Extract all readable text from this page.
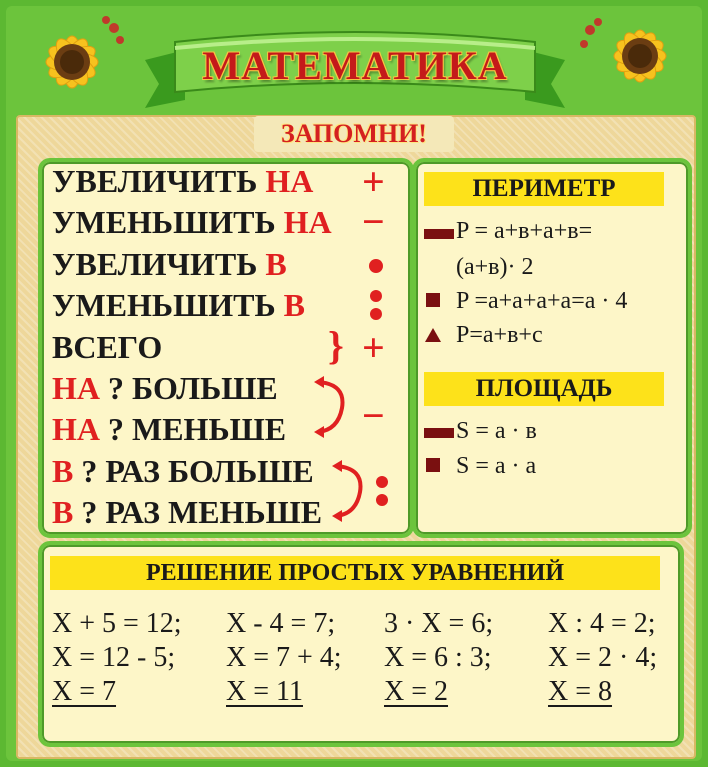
МАТЕМАТИКА
ЗАПОМНИ!
УВЕЛИЧИТЬ НА
УМЕНЬШИТЬ НА
УВЕЛИЧИТЬ В
УМЕНЬШИТЬ В
ВСЕГО
НА ? БОЛЬШЕ
НА ? МЕНЬШЕ
В ? РАЗ БОЛЬШЕ
В ? РАЗ МЕНЬШЕ
+
−
} +
−
ПЕРИМЕТР
P = а+в+а+в=
(а+в)· 2
P =а+а+а+а=а · 4
P=а+в+с
ПЛОЩАДЬ
S = а · в
S = а · а
РЕШЕНИЕ ПРОСТЫХ УРАВНЕНИЙ
X + 5 = 12;
X = 12 - 5;
X = 7
X - 4 = 7;
X = 7 + 4;
X = 11
3 · X = 6;
X = 6 : 3;
X = 2
X : 4 = 2;
X = 2 · 4;
X = 8
